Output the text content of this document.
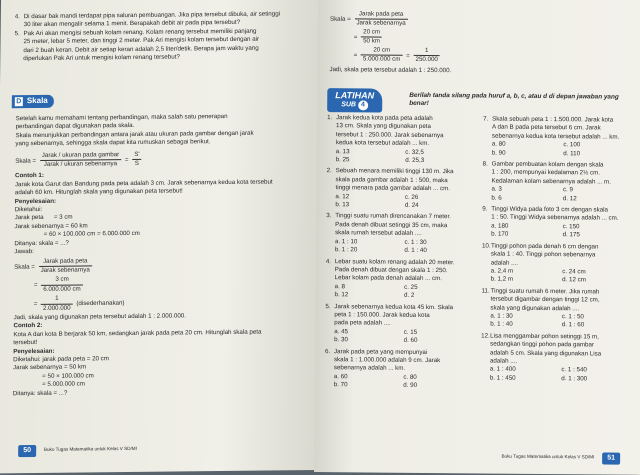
4. Di dasar bak mandi terdapat pipa saluran pembuangan. Jika pipa tersebut dibuka, air setinggi
30 liter akan mengalir selama 1 menit. Berapakah debit air pada pipa tersebut?
5. Pak Ari akan mengisi sebuah kolam renang. Kolam renang tersebut memiliki panjang
25 meter, lebar 5 meter, dan tinggi 2 meter. Pak Ari mengisi kolam tersebut dengan air
dari 2 buah keran. Debit air setiap keran adalah 2,5 liter/detik. Berapa jam waktu yang
diperlukan Pak Ari untuk mengisi kolam renang tersebut?
D Skala
Setelah kamu memahami tentang perbandingan, maka salah satu penerapan
perbandingan dapat digunakan pada skala.
Skala menunjukkan perbandingan antara jarak atau ukuran pada gambar dengan jarak
yang sebenarnya, sehingga skala dapat kita rumuskan sebagai berikut.
Skala = $\frac{\text{Jarak / ukuran pada gambar}}{\text{Jarak / ukuran sebenarnya}} = \frac{S'}{S}$
Contoh 1:
Jarak kota Garut dan Bandung pada peta adalah 3 cm. Jarak sebenarnya kedua kota tersebut
adalah 60 km. Hitunglah skala yang digunakan peta tersebut!
Penyelesaian:
Diketahui:
Jarak peta      = 3 cm
Jarak sebenarnya = 60 km
= 60 × 100.000 cm = 6.000.000 cm
Ditanya: skala = ...?
Jawab:
Skala = $\frac{\text{Jarak pada peta}}{\text{Jarak sebenarnya}}$
= $\frac{3 cm}{6.000.000 cm}$
= $\frac{1}{2.000.000}$ (disederhanakan)
Jadi, skala yang digunakan peta tersebut adalah 1 : 2.000.000.
Contoh 2:
Kota A dan kota B berjarak 50 km, sedangkan jarak pada peta 20 cm. Hitunglah skala peta
tersebut!
Penyelesaian:
Diketahui: jarak pada peta = 20 cm
Jarak sebenarnya = 50 km
= 50 × 100.000 cm
= 5.000.000 cm
Ditanya: skala = ...?
50	Buku Tugas Matematika untuk Kelas V SD/MI
Skala = $\frac{\text{Jarak pada peta}}{\text{Jarak sebenarnya}}$
= $\frac{20 cm}{50 km}$
= $\frac{20 cm}{5.000.000 cm} = \frac{1}{250.000}$
Jadi, skala peta tersebut adalah 1 : 250.000.
LATIHAN
SUB 4
Berilah tanda silang pada huruf a, b, c, atau d di depan jawaban yang benar!
1. Jarak kedua kota pada peta adalah
13 cm. Skala yang digunakan peta
tersebut 1 : 250.000. Jarak sebenarnya
kedua kota tersebut adalah ... km.
a. 13	c. 32,5
b. 25	d. 25,3
2. Sebuah menara memiliki tinggi 130 m. Jika
skala pada gambar adalah 1 : 500, maka
tinggi menara pada gambar adalah ... cm.
a. 12	c. 26
b. 13	d. 24
3. Tinggi suatu rumah direncanakan 7 meter.
Pada denah dibuat setinggi 35 cm, maka
skala rumah tersebut adalah ....
a. 1 : 10	c. 1 : 30
b. 1 : 20	d. 1 : 40
4. Lebar suatu kolam renang adalah 20 meter.
Pada denah dibuat dengan skala 1 : 250.
Lebar kolam pada denah adalah ... cm.
a. 8	c. 25
b. 12	d. 2
5. Jarak sebenarnya kedua kota 45 km. Skala
peta 1 : 150.000. Jarak kedua kota
pada peta adalah ....
a. 45	c. 15
b. 30	d. 60
6. Jarak pada peta yang mempunyai
skala 1 : 1.000.000 adalah 9 cm. Jarak
sebenarnya adalah ... km.
a. 60	c. 80
b. 70	d. 90
7. Skala sebuah peta 1 : 1.500.000. Jarak kota
A dan B pada peta tersebut 6 cm. Jarak
sebenarnya kedua kota tersebut adalah ... km.
a. 80	c. 100
b. 90	d. 110
8. Gambar pembuatan kolam dengan skala
1 : 200, mempunyai kedalaman 2½ cm.
Kedalaman kolam sebenarnya adalah ... m.
a. 3	c. 9
b. 6	d. 12
9. Tinggi Widya pada foto 3 cm dengan skala
1 : 50. Tinggi Widya sebenarnya adalah ... cm.
a. 180	c. 150
b. 170	d. 175
10.Tinggi pohon pada denah 6 cm dengan
skala 1 : 40. Tinggi pohon sebenarnya
adalah ....
a. 2,4 m	c. 24 cm
b. 1,2 m	d. 12 cm
11.Tinggi suatu rumah 6 meter. Jika rumah
tersebut digambar dengan tinggi 12 cm,
skala yang digunakan adalah ....
a. 1 : 30	c. 1 : 50
b. 1 : 40	d. 1 : 60
12.Lisa menggambar pohon setinggi 15 m,
sedangkan tinggi pohon pada gambar
adalah 5 cm. Skala yang digunakan Lisa
adalah ....
a. 1 : 400	c. 1 : 540
b. 1 : 450	d. 1 : 300
Buku Tugas Matematika untuk Kelas V SD/MI 51
